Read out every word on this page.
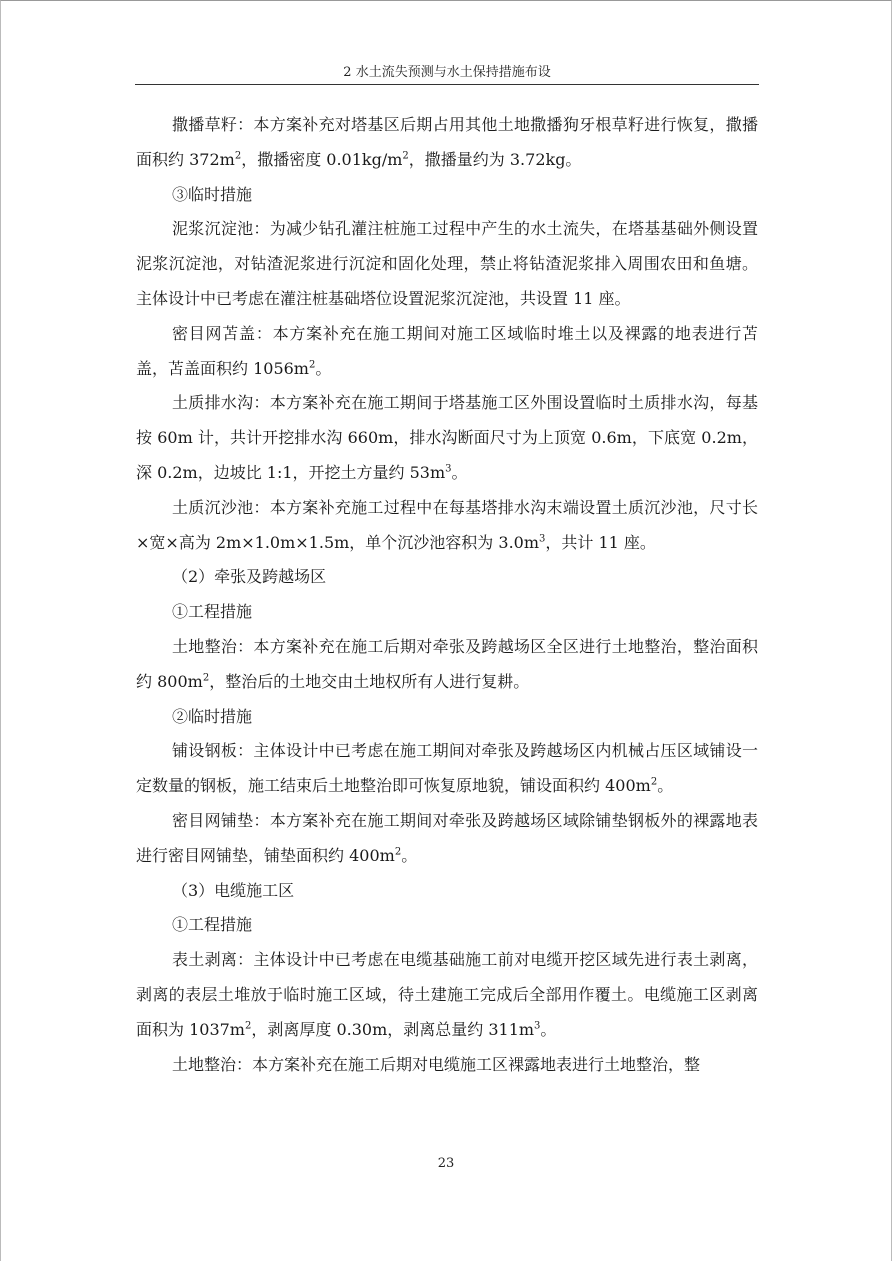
2 水土流失预测与水土保持措施布设

撒播草籽：本方案补充对塔基区后期占用其他土地撒播狗牙根草籽进行恢复，撒播面积约 $372m^2$，撒播密度 $0.01kg/m^2$，撒播量约为 3.72kg。

③临时措施

泥浆沉淀池：为减少钻孔灌注桩施工过程中产生的水土流失，在塔基基础外侧设置泥浆沉淀池，对钻渣泥浆进行沉淀和固化处理，禁止将钻渣泥浆排入周围农田和鱼塘。主体设计中已考虑在灌注桩基础塔位设置泥浆沉淀池，共设置 11 座。

密目网苫盖：本方案补充在施工期间对施工区域临时堆土以及裸露的地表进行苫盖，苫盖面积约 $1056m^2$。

土质排水沟：本方案补充在施工期间于塔基施工区外围设置临时土质排水沟，每基按 60m 计，共计开挖排水沟 660m，排水沟断面尺寸为上顶宽 0.6m，下底宽 0.2m，深 0.2m，边坡比 1:1，开挖土方量约 $53m^3$。

土质沉沙池：本方案补充施工过程中在每基塔排水沟末端设置土质沉沙池，尺寸长×宽×高为 2m×1.0m×1.5m，单个沉沙池容积为 $3.0m^3$，共计 11 座。

（2）牵张及跨越场区

①工程措施

土地整治：本方案补充在施工后期对牵张及跨越场区全区进行土地整治，整治面积约 $800m^2$，整治后的土地交由土地权所有人进行复耕。

②临时措施

铺设钢板：主体设计中已考虑在施工期间对牵张及跨越场区内机械占压区域铺设一定数量的钢板，施工结束后土地整治即可恢复原地貌，铺设面积约 $400m^2$。

密目网铺垫：本方案补充在施工期间对牵张及跨越场区域除铺垫钢板外的裸露地表进行密目网铺垫，铺垫面积约 $400m^2$。

（3）电缆施工区

①工程措施

表土剥离：主体设计中已考虑在电缆基础施工前对电缆开挖区域先进行表土剥离，剥离的表层土堆放于临时施工区域，待土建施工完成后全部用作覆土。电缆施工区剥离面积为 $1037m^2$，剥离厚度 0.30m，剥离总量约 $311m^3$。

土地整治：本方案补充在施工后期对电缆施工区裸露地表进行土地整治，整

23
